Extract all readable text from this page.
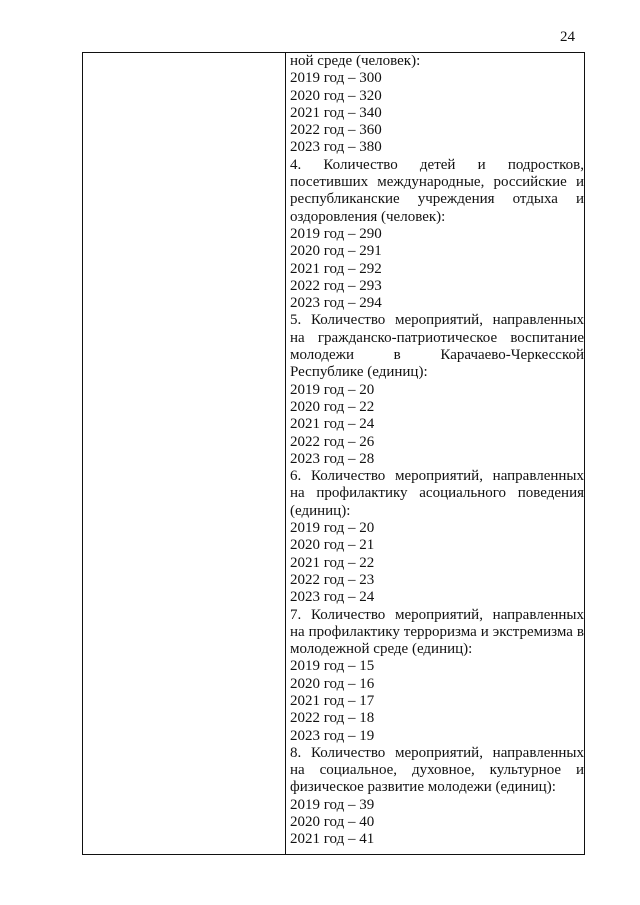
24
ной среде (человек):
2019 год – 300
2020 год – 320
2021 год – 340
2022 год – 360
2023 год – 380
4. Количество детей и подростков, посетивших международные, российские и республиканские учреждения отдыха и оздоровления (человек):
2019 год – 290
2020 год – 291
2021 год – 292
2022 год – 293
2023 год – 294
5. Количество мероприятий, направленных на гражданско-патриотическое воспитание молодежи в Карачаево-Черкесской Республике (единиц):
2019 год – 20
2020 год – 22
2021 год – 24
2022 год – 26
2023 год – 28
6. Количество мероприятий, направленных на профилактику асоциального поведения (единиц):
2019 год – 20
2020 год – 21
2021 год – 22
2022 год – 23
2023 год – 24
7. Количество мероприятий, направленных на профилактику терроризма и экстремизма в молодежной среде (единиц):
2019 год – 15
2020 год – 16
2021 год – 17
2022 год – 18
2023 год – 19
8. Количество мероприятий, направленных на социальное, духовное, культурное и физическое развитие молодежи (единиц):
2019 год – 39
2020 год – 40
2021 год – 41
